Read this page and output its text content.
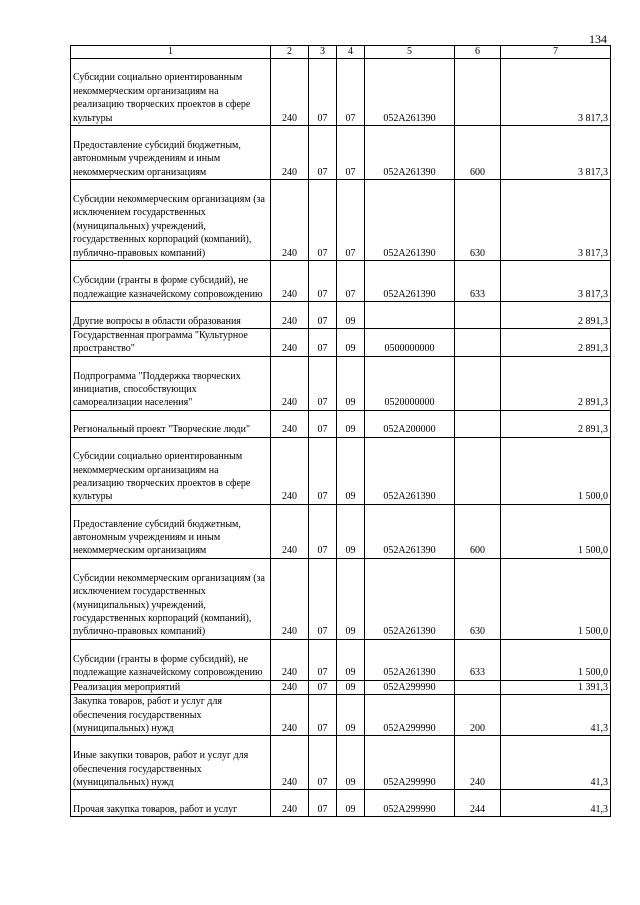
134
1	2	3	4	5	6	7
Субсидии социально ориентированным некоммерческим организациям на реализацию творческих проектов в сфере культуры	240	07	07	052А261390		3 817,3
Предоставление субсидий бюджетным, автономным учреждениям и иным некоммерческим организациям	240	07	07	052А261390	600	3 817,3
Субсидии некоммерческим организациям (за исключением государственных (муниципальных) учреждений, государственных корпораций (компаний), публично-правовых компаний)	240	07	07	052А261390	630	3 817,3
Субсидии (гранты в форме субсидий), не подлежащие казначейскому сопровождению	240	07	07	052А261390	633	3 817,3
Другие вопросы в области образования	240	07	09			2 891,3
Государственная программа "Культурное пространство"	240	07	09	0500000000		2 891,3
Подпрограмма "Поддержка творческих инициатив, способствующих самореализации населения"	240	07	09	0520000000		2 891,3
Региональный проект "Творческие люди"	240	07	09	052А200000		2 891,3
Субсидии социально ориентированным некоммерческим организациям на реализацию творческих проектов в сфере культуры	240	07	09	052А261390		1 500,0
Предоставление субсидий бюджетным, автономным учреждениям и иным некоммерческим организациям	240	07	09	052А261390	600	1 500,0
Субсидии некоммерческим организациям (за исключением государственных (муниципальных) учреждений, государственных корпораций (компаний), публично-правовых компаний)	240	07	09	052А261390	630	1 500,0
Субсидии (гранты в форме субсидий), не подлежащие казначейскому сопровождению	240	07	09	052А261390	633	1 500,0
Реализация мероприятий	240	07	09	052А299990		1 391,3
Закупка товаров, работ и услуг для обеспечения государственных (муниципальных) нужд	240	07	09	052А299990	200	41,3
Иные закупки товаров, работ и услуг для обеспечения государственных (муниципальных) нужд	240	07	09	052А299990	240	41,3
Прочая закупка товаров, работ и услуг	240	07	09	052А299990	244	41,3
